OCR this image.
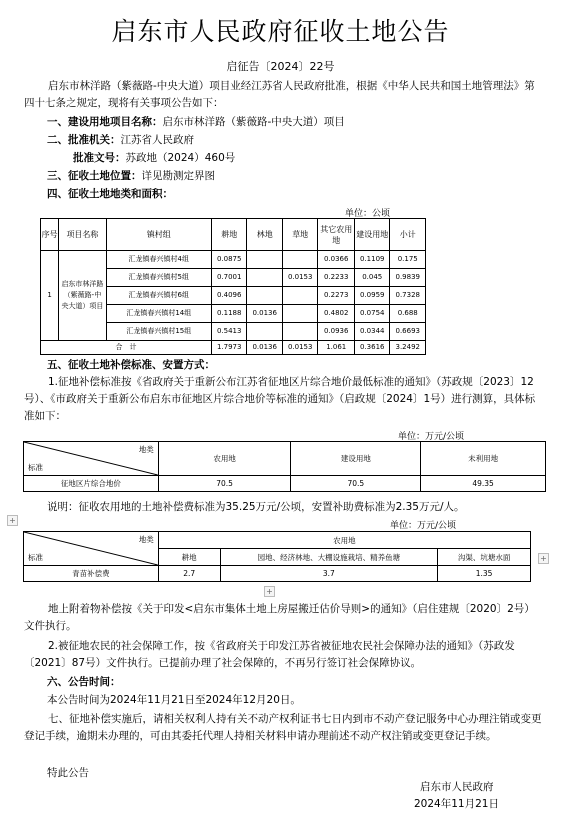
启东市人民政府征收土地公告
启征告〔2024〕22号
启东市林洋路（紫薇路-中央大道）项目业经江苏省人民政府批准，根据《中华人民共和国土地管理法》第四十七条之规定，现将有关事项公告如下：
一、建设用地项目名称：启东市林洋路（紫薇路-中央大道）项目
二、批准机关：江苏省人民政府
批准文号：苏政地（2024）460号
三、征收土地位置：详见勘测定界图
四、征收土地地类和面积：
单位：公顷
序号	项目名称	镇村组	耕地	林地	草地	其它农用地	建设用地	小计
1	启东市林洋路（紫薇路-中央大道）项目	汇龙镇春兴镇村4组	0.0875			0.0366	0.1109	0.175
		汇龙镇春兴镇村5组	0.7001		0.0153	0.2233	0.045	0.9839
		汇龙镇春兴镇村6组	0.4096			0.2273	0.0959	0.7328
		汇龙镇春兴镇村14组	0.1188	0.0136		0.4802	0.0754	0.688
		汇龙镇春兴镇村15组	0.5413			0.0936	0.0344	0.6693
合　计			1.7973	0.0136	0.0153	1.061	0.3616	3.2492
五、征收土地补偿标准、安置方式：
1.征地补偿标准按《省政府关于重新公布江苏省征地区片综合地价最低标准的通知》（苏政规〔2023〕12号）、《市政府关于重新公布启东市征地区片综合地价等标准的通知》（启政规〔2024〕1号）进行测算，具体标准如下：
单位：万元/公顷
地类
标准	农用地	建设用地	未利用地
征地区片综合地价	70.5	70.5	49.35
说明：征收农用地的土地补偿费标准为35.25万元/公顷，安置补助费标准为2.35万元/人。
+
单位：万元/公顷
地类
标准	农用地		
	耕地	园地、经济林地、大棚设施栽培、精养鱼塘	沟渠、坑塘水面
青苗补偿费	2.7	3.7	1.35
+
+
地上附着物补偿按《关于印发<启东市集体土地上房屋搬迁估价导则>的通知》（启住建规〔2020〕2号）文件执行。
2.被征地农民的社会保障工作，按《省政府关于印发江苏省被征地农民社会保障办法的通知》（苏政发〔2021〕87号）文件执行。已提前办理了社会保障的，不再另行签订社会保障协议。
六、公告时间：
本公告时间为2024年11月21日至2024年12月20日。
七、征地补偿实施后，请相关权利人持有关不动产权利证书七日内到市不动产登记服务中心办理注销或变更登记手续，逾期未办理的，可由其委托代理人持相关材料申请办理前述不动产权注销或变更登记手续。
特此公告
启东市人民政府
2024年11月21日
